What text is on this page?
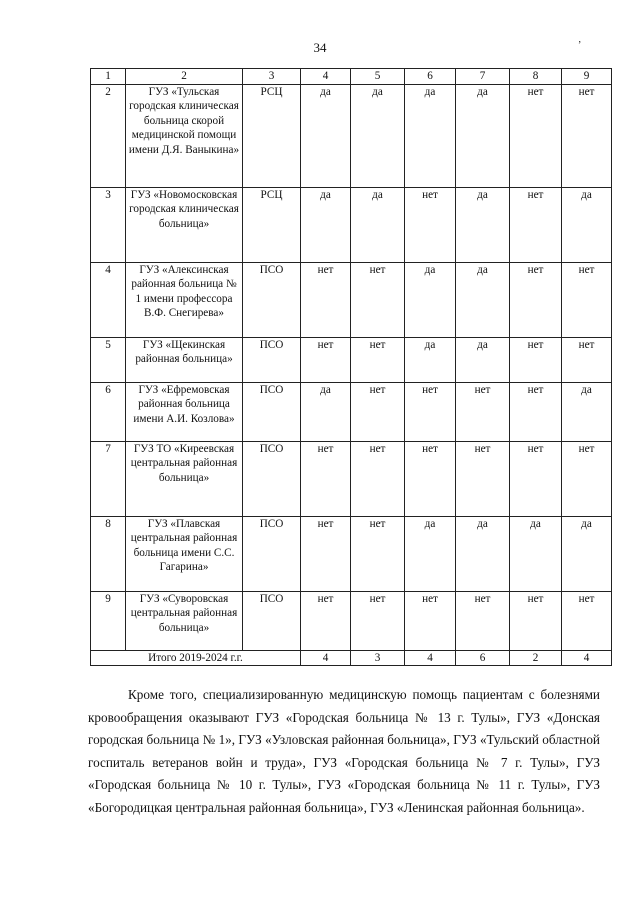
34	ʼ
1	2	3	4	5	6	7	8	9
2	ГУЗ «Тульская городская клиническая больница скорой медицинской помощи имени Д.Я. Ваныкина»	РСЦ	да	да	да	да	нет	нет
3	ГУЗ «Новомосковская городская клиническая больница»	РСЦ	да	да	нет	да	нет	да
4	ГУЗ «Алексинская районная больница № 1 имени профессора В.Ф. Снегирева»	ПСО	нет	нет	да	да	нет	нет
5	ГУЗ «Щекинская районная больница»	ПСО	нет	нет	да	да	нет	нет
6	ГУЗ «Ефремовская районная больница имени А.И. Козлова»	ПСО	да	нет	нет	нет	нет	да
7	ГУЗ ТО «Киреевская центральная районная больница»	ПСО	нет	нет	нет	нет	нет	нет
8	ГУЗ «Плавская центральная районная больница имени С.С. Гагарина»	ПСО	нет	нет	да	да	да	да
9	ГУЗ «Суворовская центральная районная больница»	ПСО	нет	нет	нет	нет	нет	нет
Итого 2019-2024 г.г.			4	3	4	6	2	4

Кроме того, специализированную медицинскую помощь пациентам с болезнями кровообращения оказывают ГУЗ «Городская больница № 13 г. Тулы», ГУЗ «Донская городская больница № 1», ГУЗ «Узловская районная больница», ГУЗ «Тульский областной госпиталь ветеранов войн и труда», ГУЗ «Городская больница № 7 г. Тулы», ГУЗ «Городская больница № 10 г. Тулы», ГУЗ «Городская больница № 11 г. Тулы», ГУЗ «Богородицкая центральная районная больница», ГУЗ «Ленинская районная больница».
